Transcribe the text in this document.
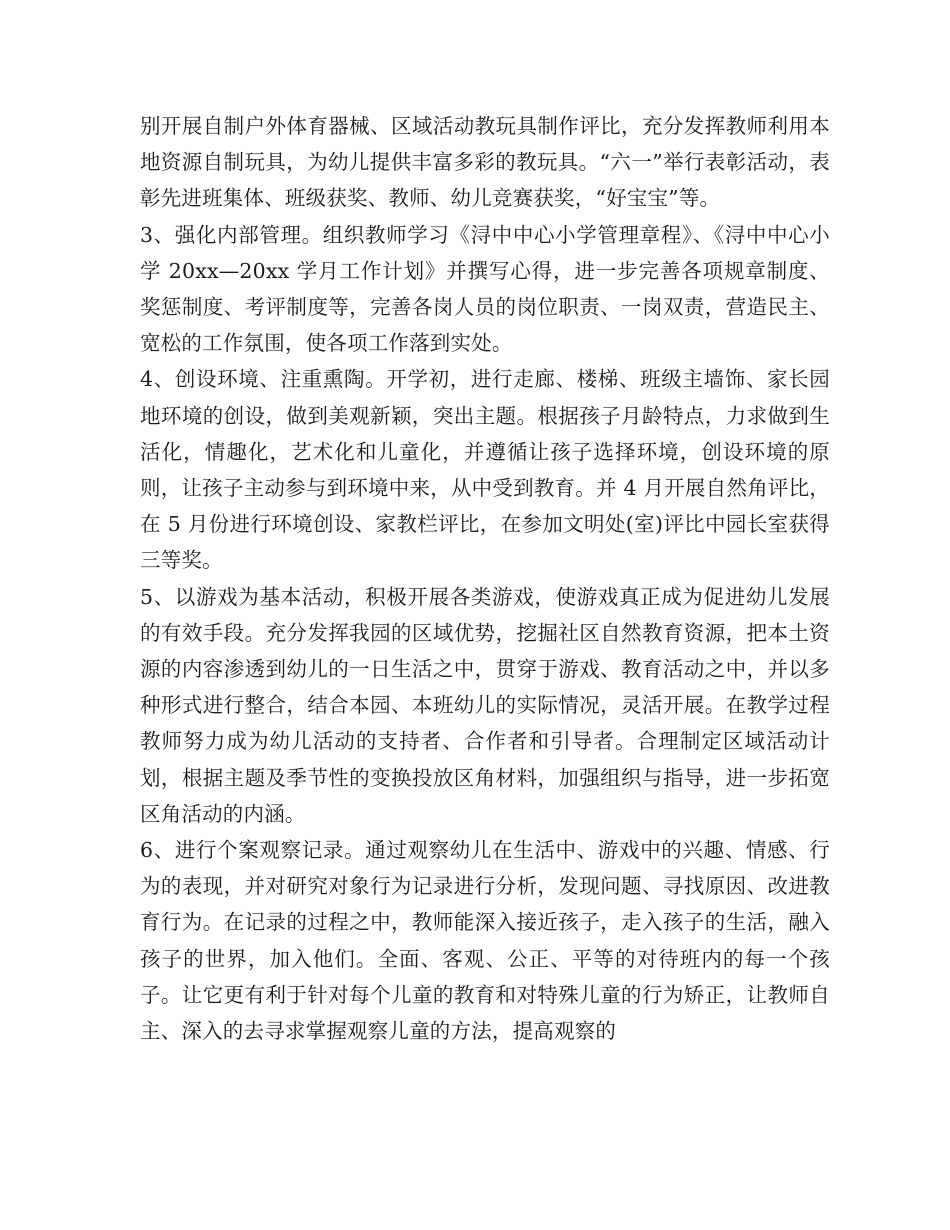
别开展自制户外体育器械、区域活动教玩具制作评比，充分发挥教师利用本地资源自制玩具，为幼儿提供丰富多彩的教玩具。“六一”举行表彰活动，表彰先进班集体、班级获奖、教师、幼儿竞赛获奖，“好宝宝”等。

3、强化内部管理。组织教师学习《浔中中心小学管理章程》、《浔中中心小学 20xx—20xx 学月工作计划》并撰写心得，进一步完善各项规章制度、奖惩制度、考评制度等，完善各岗人员的岗位职责、一岗双责，营造民主、宽松的工作氛围，使各项工作落到实处。

4、创设环境、注重熏陶。开学初，进行走廊、楼梯、班级主墙饰、家长园地环境的创设，做到美观新颖，突出主题。根据孩子月龄特点，力求做到生活化，情趣化，艺术化和儿童化，并遵循让孩子选择环境，创设环境的原则，让孩子主动参与到环境中来，从中受到教育。并 4 月开展自然角评比，在 5 月份进行环境创设、家教栏评比，在参加文明处(室)评比中园长室获得三等奖。

5、以游戏为基本活动，积极开展各类游戏，使游戏真正成为促进幼儿发展的有效手段。充分发挥我园的区域优势，挖掘社区自然教育资源，把本土资源的内容渗透到幼儿的一日生活之中，贯穿于游戏、教育活动之中，并以多种形式进行整合，结合本园、本班幼儿的实际情况，灵活开展。在教学过程教师努力成为幼儿活动的支持者、合作者和引导者。合理制定区域活动计划，根据主题及季节性的变换投放区角材料，加强组织与指导，进一步拓宽区角活动的内涵。

6、进行个案观察记录。通过观察幼儿在生活中、游戏中的兴趣、情感、行为的表现，并对研究对象行为记录进行分析，发现问题、寻找原因、改进教育行为。在记录的过程之中，教师能深入接近孩子，走入孩子的生活，融入孩子的世界，加入他们。全面、客观、公正、平等的对待班内的每一个孩子。让它更有利于针对每个儿童的教育和对特殊儿童的行为矫正，让教师自主、深入的去寻求掌握观察儿童的方法，提高观察的
